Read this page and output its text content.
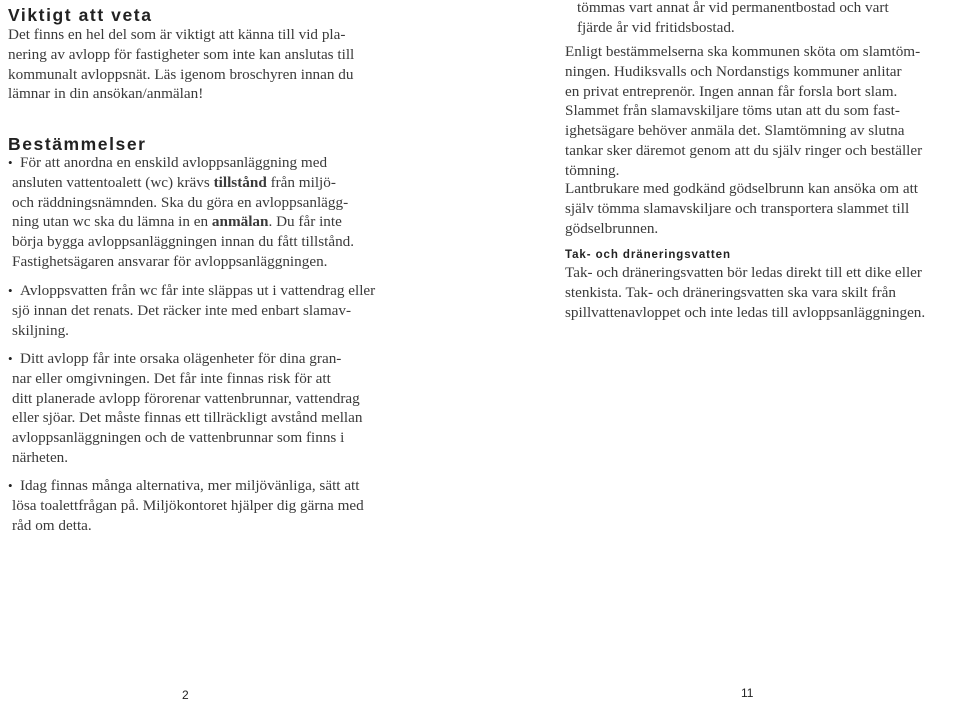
Viktigt att veta

Det finns en hel del som är viktigt att känna till vid pla-
nering av avlopp för fastigheter som inte kan anslutas till
kommunalt avloppsnät. Läs igenom broschyren innan du
lämnar in din ansökan/anmälan!

Bestämmelser
• För att anordna en enskild avloppsanläggning med
ansluten vattentoalett (wc) krävs tillstånd från miljö-
och räddningsnämnden. Ska du göra en avloppsanlägg-
ning utan wc ska du lämna in en anmälan. Du får inte
börja bygga avloppsanläggningen innan du fått tillstånd.
Fastighetsägaren ansvarar för avloppsanläggningen.
• Avloppsvatten från wc får inte släppas ut i vattendrag eller
sjö innan det renats. Det räcker inte med enbart slamav-
skiljning.
• Ditt avlopp får inte orsaka olägenheter för dina gran-
nar eller omgivningen. Det får inte finnas risk för att
ditt planerade avlopp förorenar vattenbrunnar, vattendrag
eller sjöar. Det måste finnas ett tillräckligt avstånd mellan
avloppsanläggningen och de vattenbrunnar som finns i
närheten.
• Idag finnas många alternativa, mer miljövänliga, sätt att
lösa toalettfrågan på. Miljökontoret hjälper dig gärna med
råd om detta.
2

tömmas vart annat år vid permanentbostad och vart
fjärde år vid fritidsbostad.

Enligt bestämmelserna ska kommunen sköta om slamtöm-
ningen. Hudiksvalls och Nordanstigs kommuner anlitar
en privat entreprenör. Ingen annan får forsla bort slam.
Slammet från slamavskiljare töms utan att du som fast-
ighetsägare behöver anmäla det. Slamtömning av slutna
tankar sker däremot genom att du själv ringer och beställer
tömning.

Lantbrukare med godkänd gödselbrunn kan ansöka om att
själv tömma slamavskiljare och transportera slammet till
gödselbrunnen.

Tak- och dräneringsvatten

Tak- och dräneringsvatten bör ledas direkt till ett dike eller
stenkista. Tak- och dräneringsvatten ska vara skilt från
spillvattenavloppet och inte ledas till avloppsanläggningen.

11
